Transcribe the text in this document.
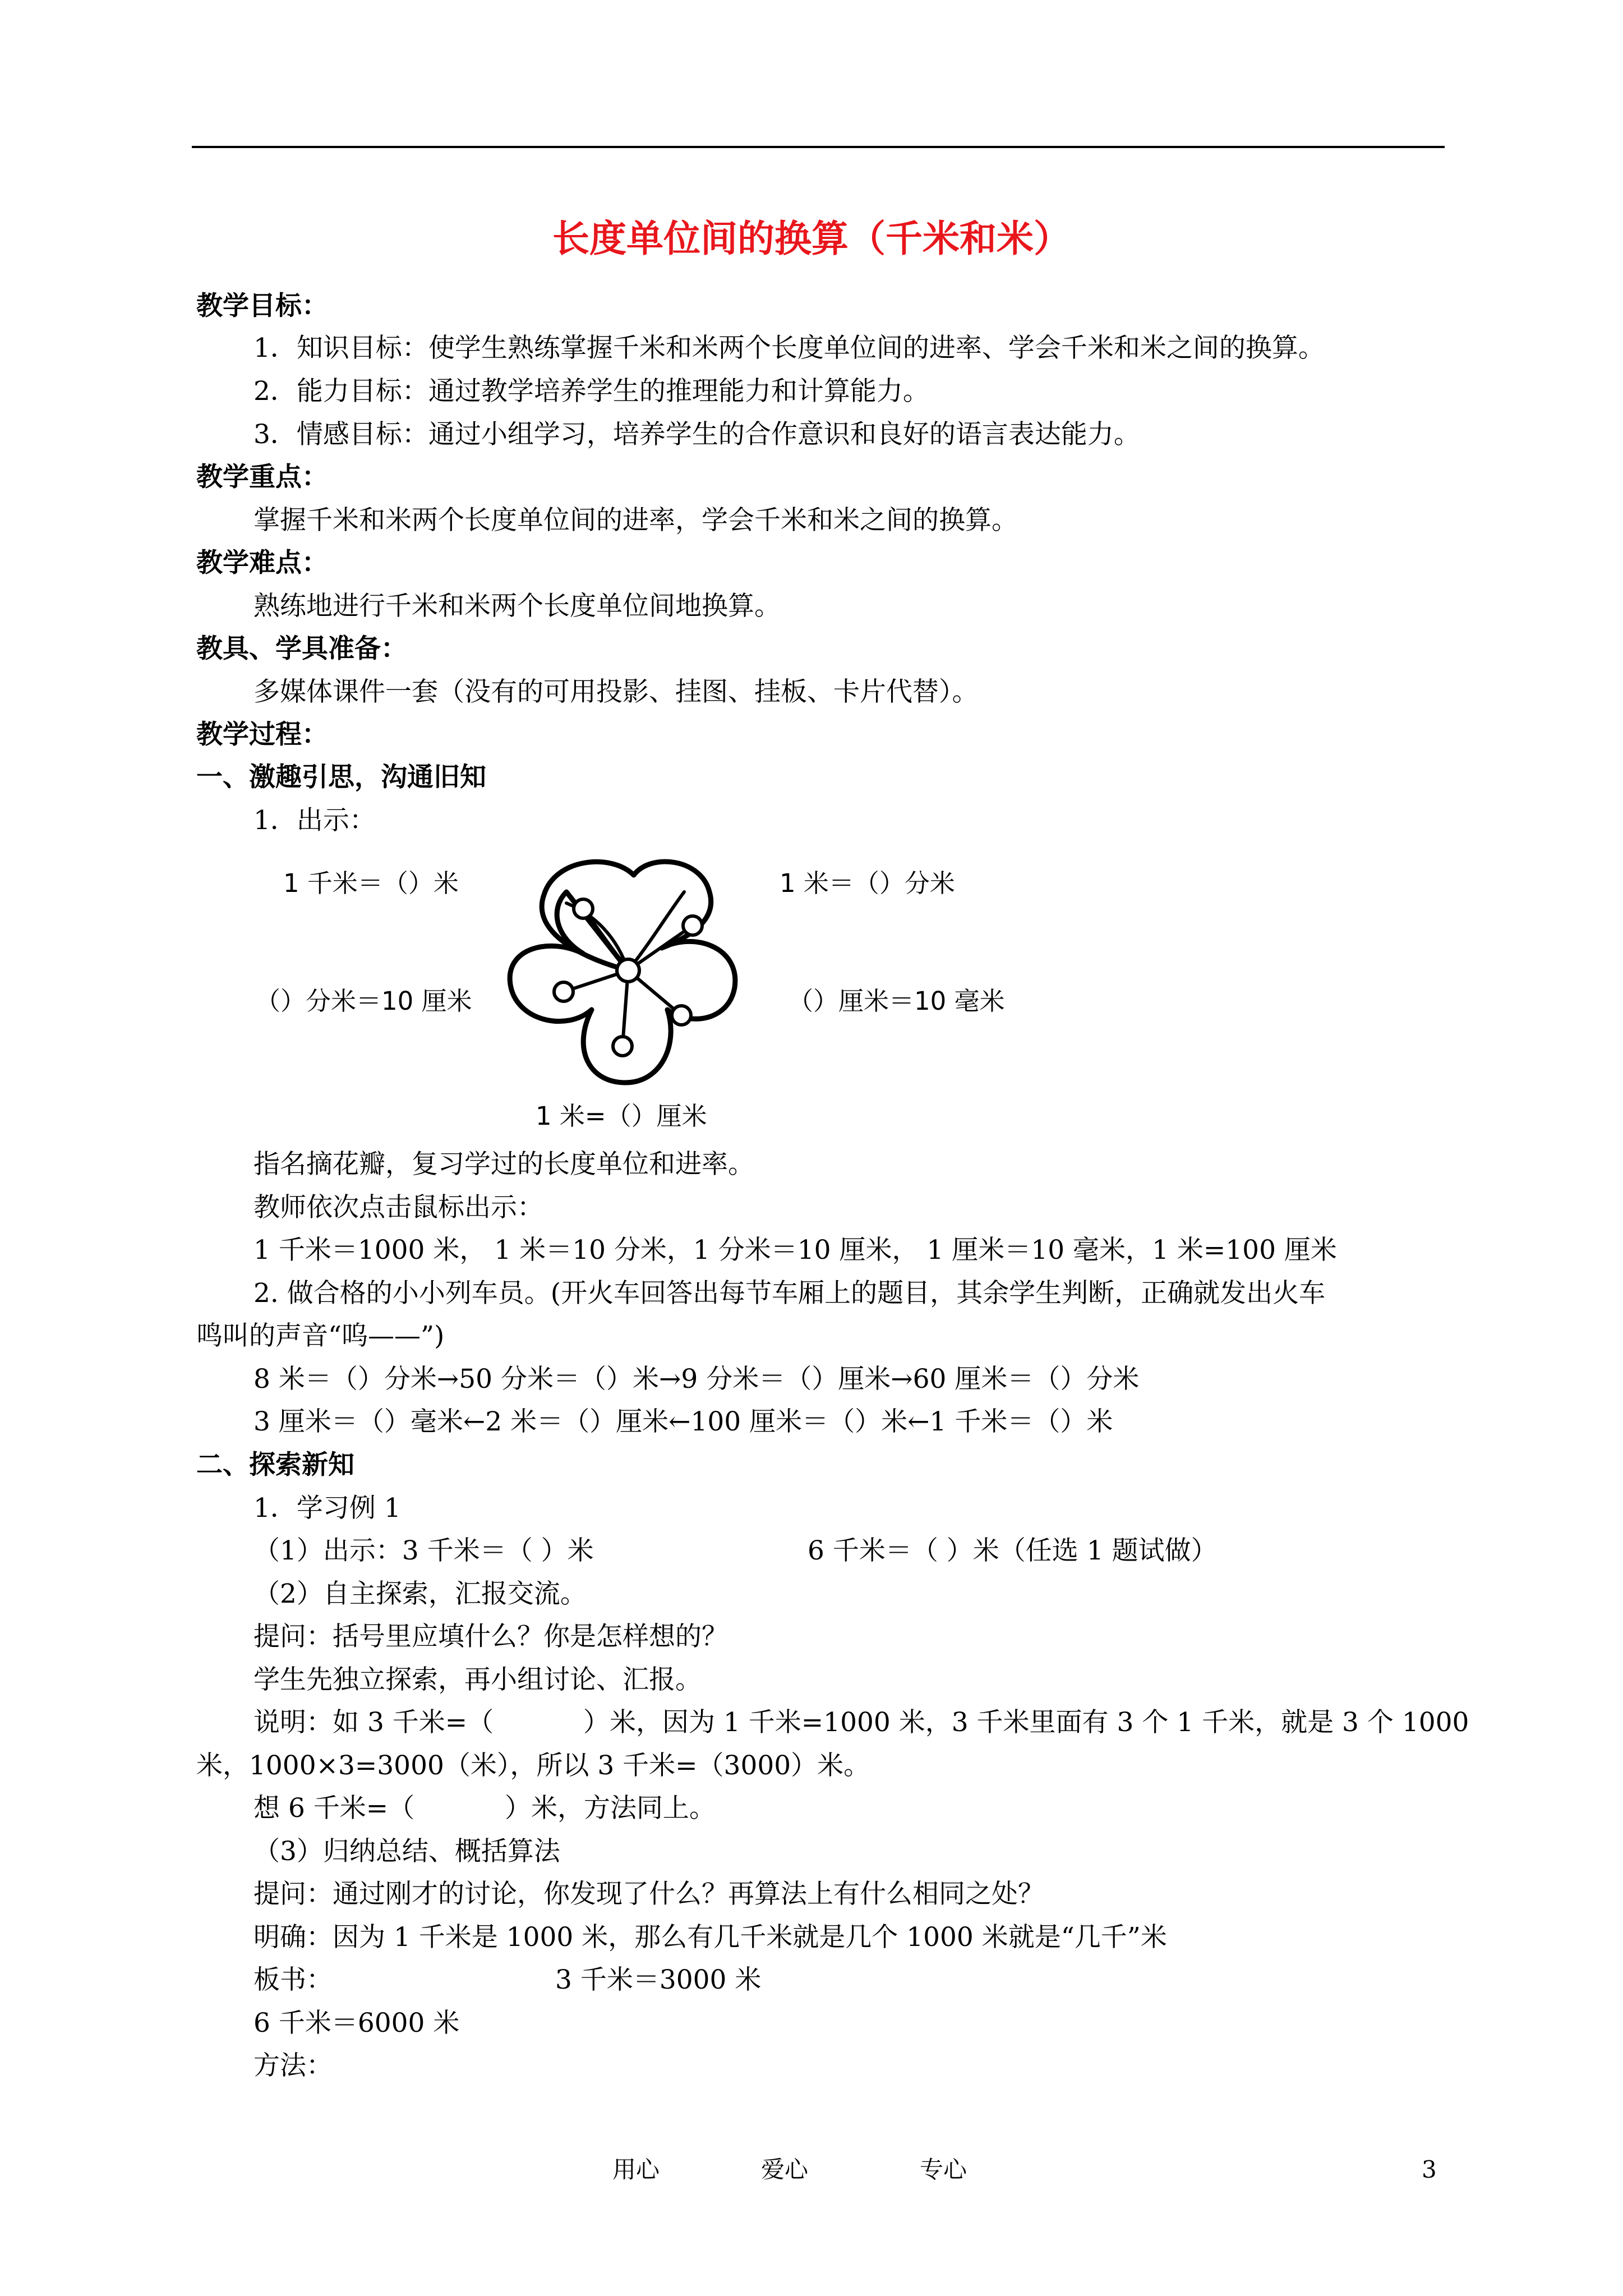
长度单位间的换算（千米和米）
教学目标：
1．知识目标：使学生熟练掌握千米和米两个长度单位间的进率、学会千米和米之间的换算。
2．能力目标：通过教学培养学生的推理能力和计算能力。
3．情感目标：通过小组学习，培养学生的合作意识和良好的语言表达能力。
教学重点：
掌握千米和米两个长度单位间的进率，学会千米和米之间的换算。
教学难点：
熟练地进行千米和米两个长度单位间地换算。
教具、学具准备：
多媒体课件一套（没有的可用投影、挂图、挂板、卡片代替）。
教学过程：
一、激趣引思，沟通旧知
1．出示：
1 千米＝（）米	1 米＝（）分米
（）分米＝10 厘米	（）厘米＝10 毫米
1 米=（）厘米
指名摘花瓣，复习学过的长度单位和进率。
教师依次点击鼠标出示：
1 千米＝1000 米， 1 米＝10 分米，1 分米＝10 厘米， 1 厘米＝10 毫米，1 米=100 厘米
2. 做合格的小小列车员。(开火车回答出每节车厢上的题目，其余学生判断，正确就发出火车
鸣叫的声音“呜——”)
8 米＝（）分米→50 分米＝（）米→9 分米＝（）厘米→60 厘米＝（）分米
3 厘米＝（）毫米←2 米＝（）厘米←100 厘米＝（）米←1 千米＝（）米
二、探索新知
1．学习例 1
（1）出示：3 千米＝（ ）米	6 千米＝（ ）米（任选 1 题试做）
（2）自主探索，汇报交流。
提问：括号里应填什么？你是怎样想的？
学生先独立探索，再小组讨论、汇报。
说明：如 3 千米=（	）米，因为 1 千米=1000 米，3 千米里面有 3 个 1 千米，就是 3 个 1000
米，1000×3=3000（米），所以 3 千米=（3000）米。
想 6 千米=（	）米，方法同上。
（3）归纳总结、概括算法
提问：通过刚才的讨论，你发现了什么？再算法上有什么相同之处？
明确：因为 1 千米是 1000 米，那么有几千米就是几个 1000 米就是“几千”米
板书：	3 千米＝3000 米
6 千米＝6000 米
方法：
用心	爱心	专心	3
